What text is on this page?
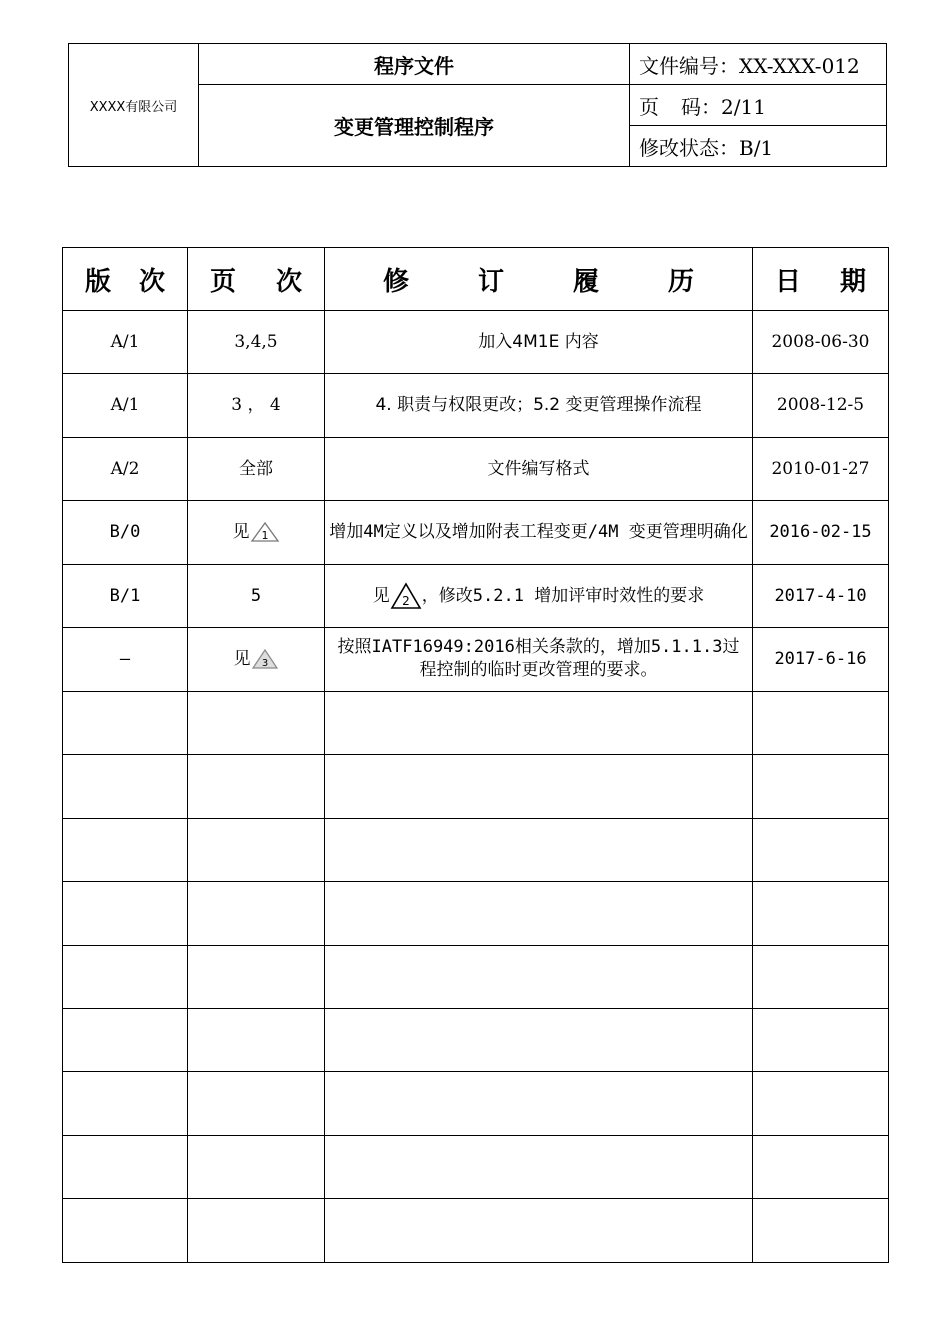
XXXX有限公司	程序文件	文件编号：XX-XXX-012
	变更管理控制程序	页 码：2/11
		修改状态：B/1
版 次	页 次	修 订 履 历	日 期

A/1	3,4,5	加入4M1E 内容	2008-06-30
A/1	3 ， 4	4. 职责与权限更改；5.2 变更管理操作流程	2008-12-5
A/2	全部	文件编写格式	2010-01-27
B/0	见 1	增加4M定义以及增加附表工程变更/4M 变更管理明确化	2016-02-15
B/1	5	见 2 ，修改5.2.1 增加评审时效性的要求	2017-4-10
—	见 3	按照IATF16949:2016相关条款的，增加5.1.1.3过程控制的临时更改管理的要求。	2017-6-16
